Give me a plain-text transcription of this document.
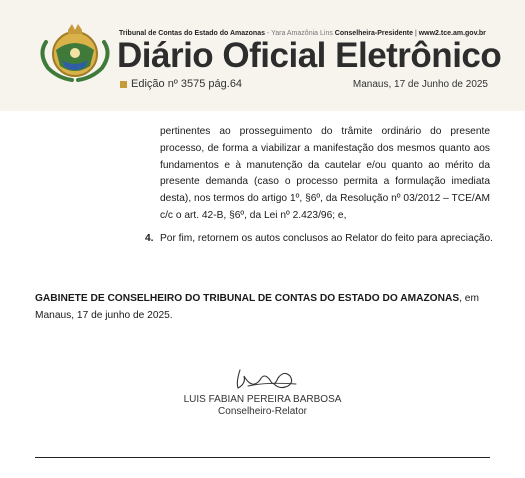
Tribunal de Contas do Estado do Amazonas - Yara Amazônia Lins Conselheira-Presidente | www2.tce.am.gov.br
Diário Oficial Eletrônico
Edição nº 3575 pág.64	Manaus, 17 de Junho de 2025
pertinentes ao prosseguimento do trâmite ordinário do presente processo, de forma a viabilizar a manifestação dos mesmos quanto aos fundamentos e à manutenção da cautelar e/ou quanto ao mérito da presente demanda (caso o processo permita a formulação imediata desta), nos termos do artigo 1º, §6º, da Resolução nº 03/2012 – TCE/AM c/c o art. 42-B, §6º, da Lei nº 2.423/96; e,
4. Por fim, retornem os autos conclusos ao Relator do feito para apreciação.
GABINETE DE CONSELHEIRO DO TRIBUNAL DE CONTAS DO ESTADO DO AMAZONAS, em Manaus, 17 de junho de 2025.
LUIS FABIAN PEREIRA BARBOSA
Conselheiro-Relator
